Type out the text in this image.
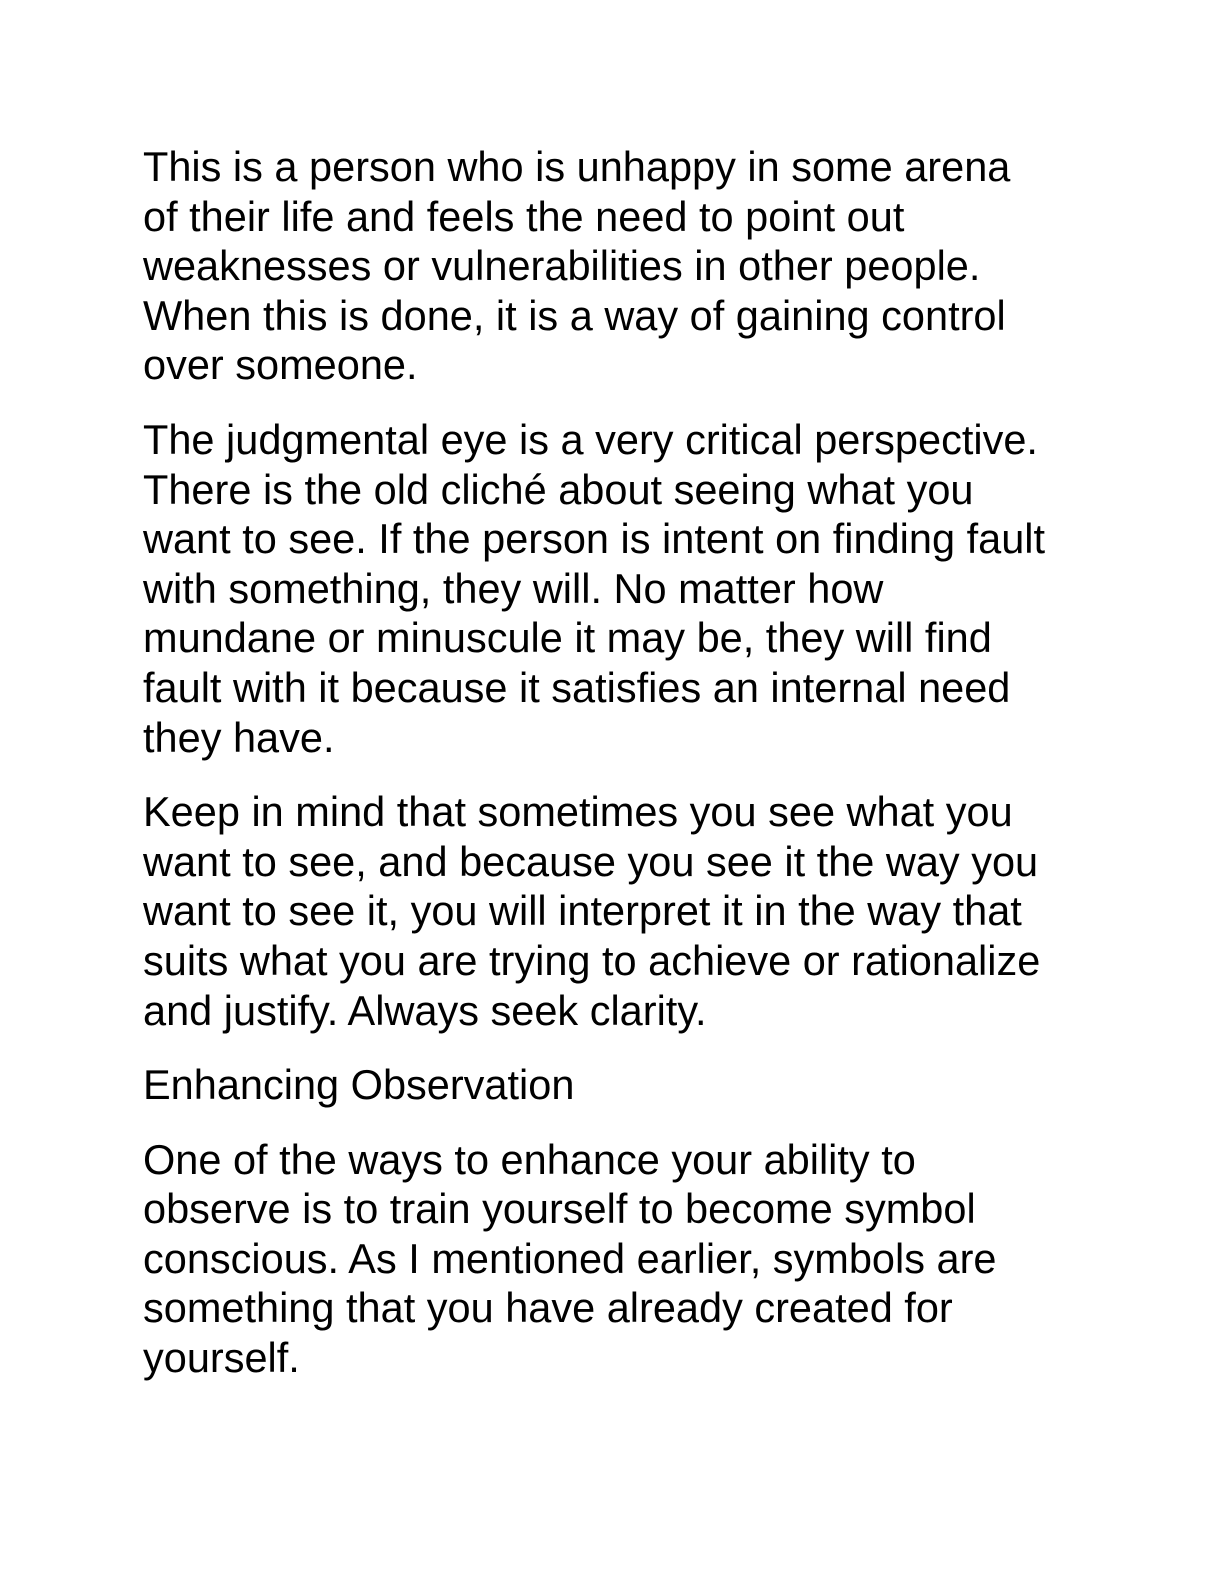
This is a person who is unhappy in some arena
of their life and feels the need to point out
weaknesses or vulnerabilities in other people.
When this is done, it is a way of gaining control
over someone.

The judgmental eye is a very critical perspective.
There is the old cliché about seeing what you
want to see. If the person is intent on finding fault
with something, they will. No matter how
mundane or minuscule it may be, they will find
fault with it because it satisfies an internal need
they have.

Keep in mind that sometimes you see what you
want to see, and because you see it the way you
want to see it, you will interpret it in the way that
suits what you are trying to achieve or rationalize
and justify. Always seek clarity.

Enhancing Observation

One of the ways to enhance your ability to
observe is to train yourself to become symbol
conscious. As I mentioned earlier, symbols are
something that you have already created for
yourself.
